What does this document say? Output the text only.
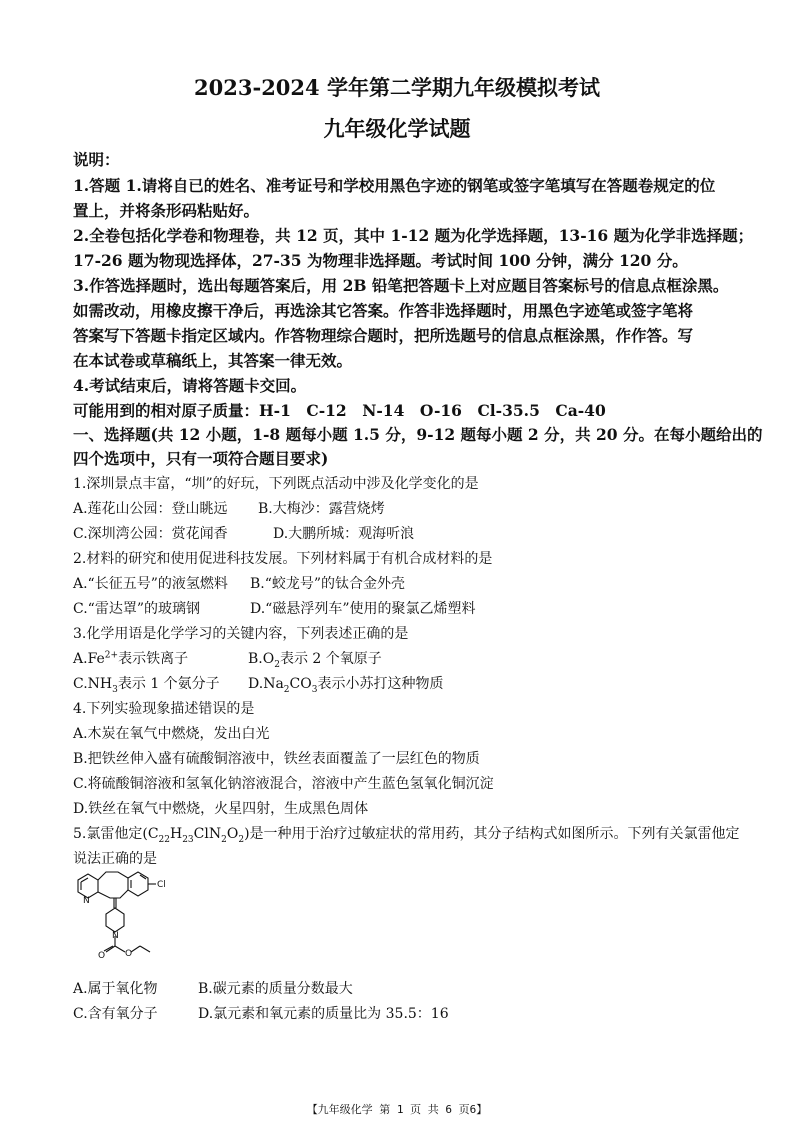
2023-2024 学年第二学期九年级模拟考试
九年级化学试题
说明：
1.答题 1.请将自已的姓名、准考证号和学校用黑色字迹的钢笔或签字笔填写在答题卷规定的位
置上，并将条形码粘贴好。
2.全卷包括化学卷和物理卷，共 12 页，其中 1-12 题为化学选择题，13-16 题为化学非选择题；
17-26 题为物现选择体，27-35 为物理非选择题。考试时间 100 分钟，满分 120 分。
3.作答选择题时，选出每题答案后，用 2B 铅笔把答题卡上对应题目答案标号的信息点框涂黑。
如需改动，用橡皮擦干净后，再选涂其它答案。作答非选择题时，用黑色字迹笔或签字笔将
答案写下答题卡指定区域内。作答物理综合题时，把所选题号的信息点框涂黑，作作答。写
在本试卷或草稿纸上，其答案一律无效。
4.考试结束后，请将答题卡交回。
可能用到的相对原子质量：H-1　C-12　N-14　O-16　Cl-35.5　Ca-40
一、选择题(共 12 小题，1-8 题每小题 1.5 分，9-12 题每小题 2 分，共 20 分。在每小题给出的
四个选项中，只有一项符合题目要求)
1.深圳景点丰富，“圳”的好玩，下列既点活动中涉及化学变化的是
A.莲花山公园：登山眺远 B.大梅沙：露营烧烤
C.深圳湾公园：赏花闻香	D.大鹏所城：观海听浪
2.材料的研究和使用促进科技发展。下列材料属于有机合成材料的是
A.“长征五号”的液氢燃料 B.“蛟龙号”的钛合金外壳
C.“雷达罩”的玻璃钢	D.“磁悬浮列车”使用的聚氯乙烯塑料
3.化学用语是化学学习的关键内容，下列表述正确的是
$A.Fe^{2+}$表示铁离子	$B.O_2$表示 2 个氧原子
$C.NH_3$表示 1 个氨分子 $D.Na_2CO_3$表示小苏打这种物质
4.下列实验现象描述错误的是
A.木炭在氧气中燃烧，发出白光
B.把铁丝伸入盛有硫酸铜溶液中，铁丝表面覆盖了一层红色的物质
C.将硫酸铜溶液和氢氧化钠溶液混合，溶液中产生蓝色氢氧化铜沉淀
D.铁丝在氧气中燃烧，火星四射，生成黑色周体
5.氯雷他定$(C_{22}H_{23}ClN_2O_2)$是一种用于治疗过敏症状的常用药，其分子结构式如图所示。下列有关氯雷他定
说法正确的是
Cl
N
N
O O
A.属于氧化物	B.碳元素的质量分数最大
C.含有氧分子	D.氯元素和氧元素的质量比为 35.5：16
【九年级化学 第 1 页 共 6 页6】
